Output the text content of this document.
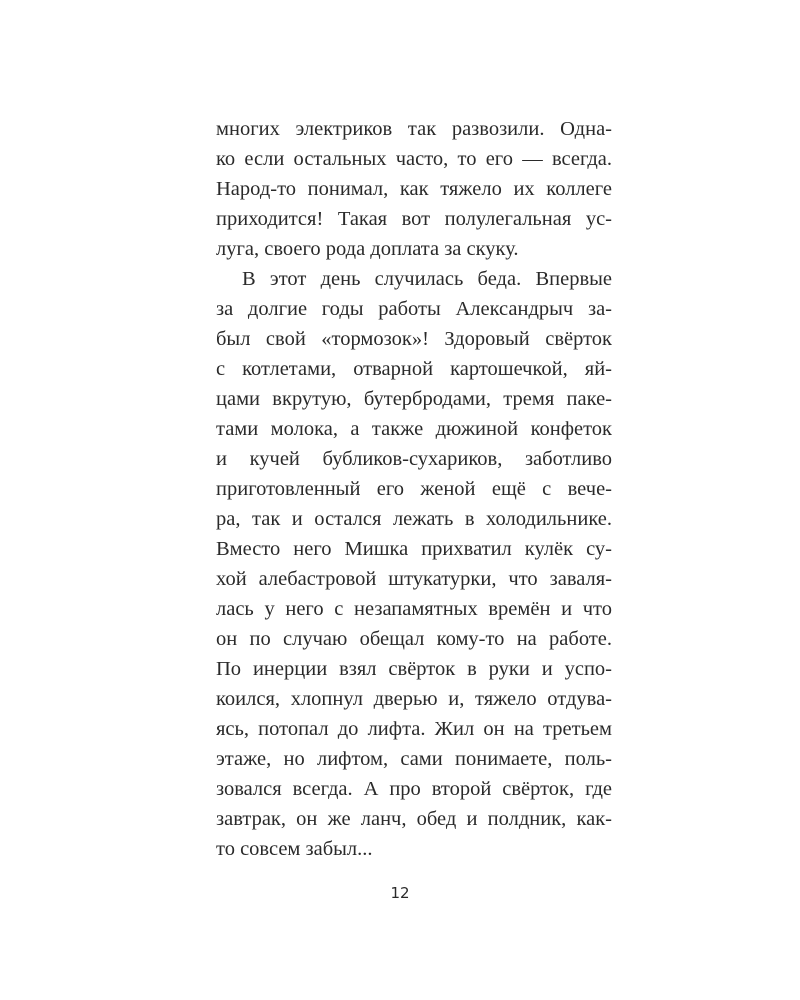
многих электриков так развозили. Одна-
ко если остальных часто, то его — всегда.
Народ-то понимал, как тяжело их коллеге
приходится! Такая вот полулегальная ус-
луга, своего рода доплата за скуку.
В этот день случилась беда. Впервые
за долгие годы работы Александрыч за-
был свой «тормозок»! Здоровый свёрток
с котлетами, отварной картошечкой, яй-
цами вкрутую, бутербродами, тремя паке-
тами молока, а также дюжиной конфеток
и кучей бубликов-сухариков, заботливо
приготовленный его женой ещё с вече-
ра, так и остался лежать в холодильнике.
Вместо него Мишка прихватил кулёк су-
хой алебастровой штукатурки, что заваля-
лась у него с незапамятных времён и что
он по случаю обещал кому-то на работе.
По инерции взял свёрток в руки и успо-
коился, хлопнул дверью и, тяжело отдува-
ясь, потопал до лифта. Жил он на третьем
этаже, но лифтом, сами понимаете, поль-
зовался всегда. А про второй свёрток, где
завтрак, он же ланч, обед и полдник, как-
то совсем забыл...
12
